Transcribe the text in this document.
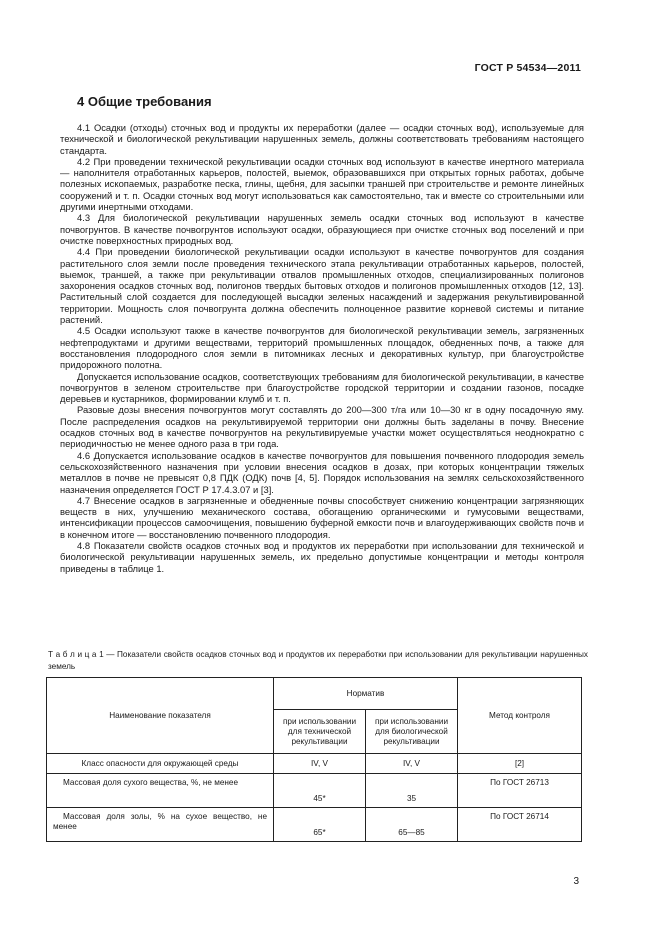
ГОСТ Р 54534—2011
4 Общие требования

4.1 Осадки (отходы) сточных вод и продукты их переработки (далее — осадки сточных вод), используемые для технической и биологической рекультивации нарушенных земель, должны соответствовать требованиям настоящего стандарта.

4.2 При проведении технической рекультивации осадки сточных вод используют в качестве инертного материала — наполнителя отработанных карьеров, полостей, выемок, образовавшихся при открытых горных работах, добыче полезных ископаемых, разработке песка, глины, щебня, для засыпки траншей при строительстве и ремонте линейных сооружений и т. п. Осадки сточных вод могут использоваться как самостоятельно, так и вместе со строительными или другими инертными отходами.

4.3 Для биологической рекультивации нарушенных земель осадки сточных вод используют в качестве почвогрунтов. В качестве почвогрунтов используют осадки, образующиеся при очистке сточных вод поселений и при очистке поверхностных природных вод.

4.4 При проведении биологической рекультивации осадки используют в качестве почвогрунтов для создания растительного слоя земли после проведения технического этапа рекультивации отработанных карьеров, полостей, выемок, траншей, а также при рекультивации отвалов промышленных отходов, специализированных полигонов захоронения осадков сточных вод, полигонов твердых бытовых отходов и полигонов промышленных отходов [12, 13]. Растительный слой создается для последующей высадки зеленых насаждений и задержания рекультивированной территории. Мощность слоя почвогрунта должна обеспечить полноценное развитие корневой системы и питание растений.

4.5 Осадки используют также в качестве почвогрунтов для биологической рекультивации земель, загрязненных нефтепродуктами и другими веществами, территорий промышленных площадок, обедненных почв, а также для восстановления плодородного слоя земли в питомниках лесных и декоративных культур, при благоустройстве придорожного полотна.

Допускается использование осадков, соответствующих требованиям для биологической рекультивации, в качестве почвогрунтов в зеленом строительстве при благоустройстве городской территории и создании газонов, посадке деревьев и кустарников, формировании клумб и т. п.

Разовые дозы внесения почвогрунтов могут составлять до 200—300 т/га или 10—30 кг в одну посадочную яму. После распределения осадков на рекультивируемой территории они должны быть заделаны в почву. Внесение осадков сточных вод в качестве почвогрунтов на рекультивируемые участки может осуществляться неоднократно с периодичностью не менее одного раза в три года.

4.6 Допускается использование осадков в качестве почвогрунтов для повышения почвенного плодородия земель сельскохозяйственного назначения при условии внесения осадков в дозах, при которых концентрации тяжелых металлов в почве не превысят 0,8 ПДК (ОДК) почв [4, 5]. Порядок использования на землях сельскохозяйственного назначения определяется ГОСТ Р 17.4.3.07 и [3].

4.7 Внесение осадков в загрязненные и обедненные почвы способствует снижению концентрации загрязняющих веществ в них, улучшению механического состава, обогащению органическими и гумусовыми веществами, интенсификации процессов самоочищения, повышению буферной емкости почв и влагоудерживающих свойств почв и в конечном итоге — восстановлению почвенного плодородия.

4.8 Показатели свойств осадков сточных вод и продуктов их переработки при использовании для технической и биологической рекультивации нарушенных земель, их предельно допустимые концентрации и методы контроля приведены в таблице 1.

Т а б л и ц а 1 — Показатели свойств осадков сточных вод и продуктов их переработки при использовании для рекультивации нарушенных земель
Наименование показателя	Норматив		Метод контроля
	при использовании для технической рекультивации	при использовании для биологической рекультивации	
Класс опасности для окружающей среды	IV, V	IV, V	[2]
Массовая доля сухого вещества, %, не менее	45*	35	По ГОСТ 26713
Массовая доля золы, % на сухое вещество, не менее	65*	65—85	По ГОСТ 26714
3
